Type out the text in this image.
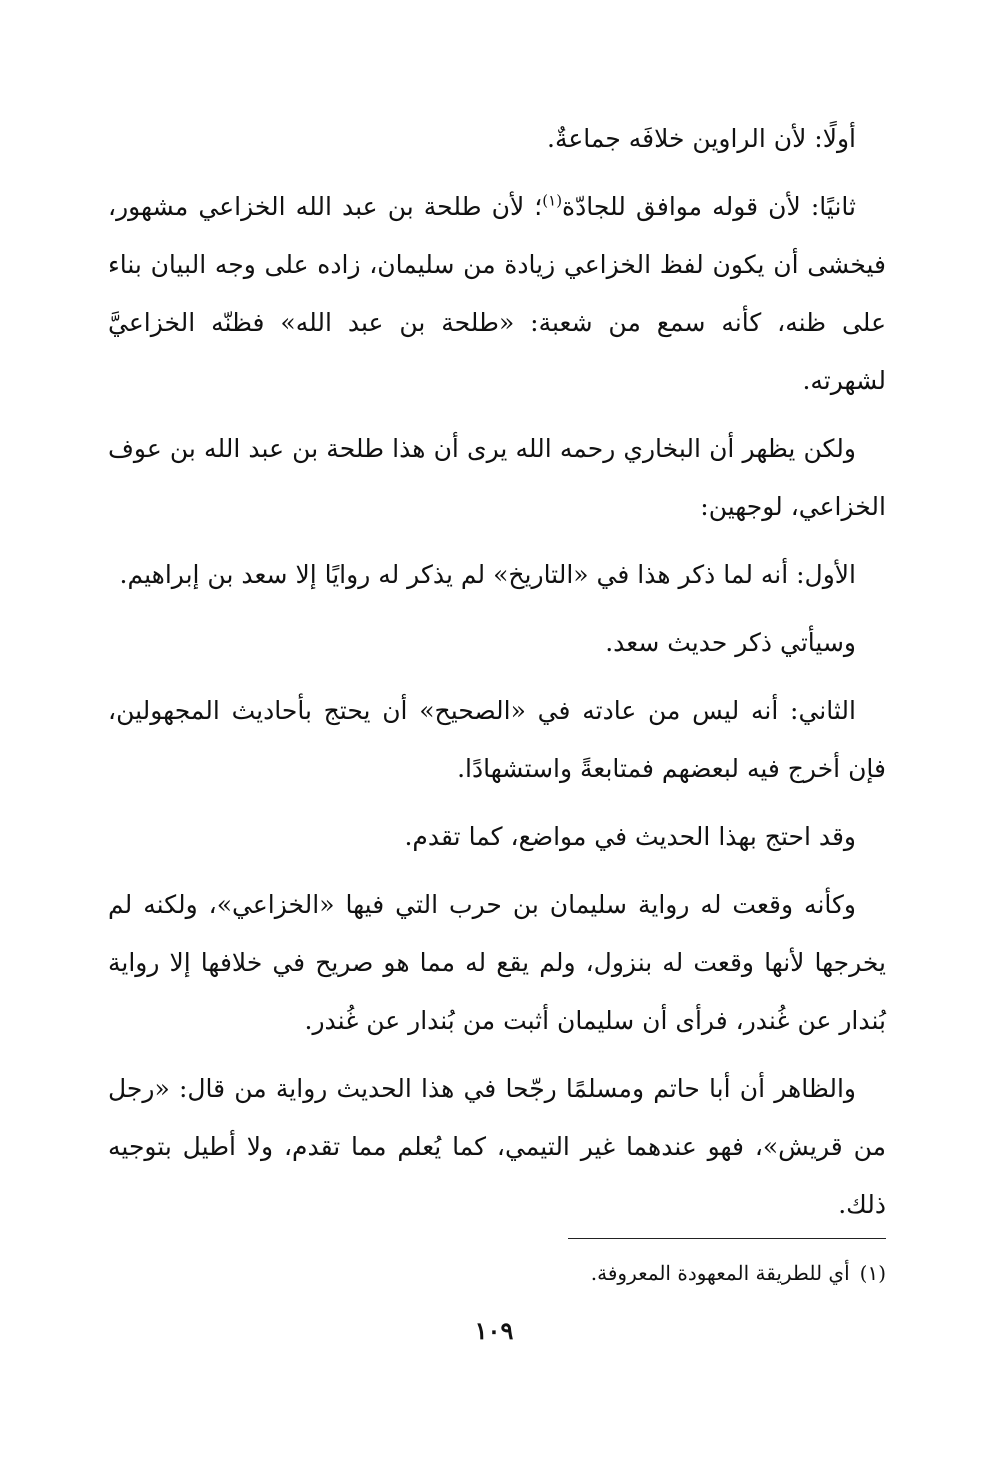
أولًا: لأن الراوين خلافَه جماعةٌ.

ثانيًا: لأن قوله موافق للجادّة$^{(١)}$؛ لأن طلحة بن عبد الله الخزاعي مشهور، فيخشى أن يكون لفظ الخزاعي زيادة من سليمان، زاده على وجه البيان بناء على ظنه، كأنه سمع من شعبة: «طلحة بن عبد الله» فظنّه الخزاعيَّ لشهرته.

ولكن يظهر أن البخاري رحمه الله يرى أن هذا طلحة بن عبد الله بن عوف الخزاعي، لوجهين:

الأول: أنه لما ذكر هذا في «التاريخ» لم يذكر له روايًا إلا سعد بن إبراهيم.

وسيأتي ذكر حديث سعد.

الثاني: أنه ليس من عادته في «الصحيح» أن يحتج بأحاديث المجهولين، فإن أخرج فيه لبعضهم فمتابعةً واستشهادًا.

وقد احتج بهذا الحديث في مواضع، كما تقدم.

وكأنه وقعت له رواية سليمان بن حرب التي فيها «الخزاعي»، ولكنه لم يخرجها لأنها وقعت له بنزول، ولم يقع له مما هو صريح في خلافها إلا رواية بُندار عن غُندر، فرأى أن سليمان أثبت من بُندار عن غُندر.

والظاهر أن أبا حاتم ومسلمًا رجّحا في هذا الحديث رواية من قال: «رجل من قريش»، فهو عندهما غير التيمي، كما يُعلم مما تقدم، ولا أطيل بتوجيه ذلك.

(١)أي للطريقة المعهودة المعروفة.
١٠٩
